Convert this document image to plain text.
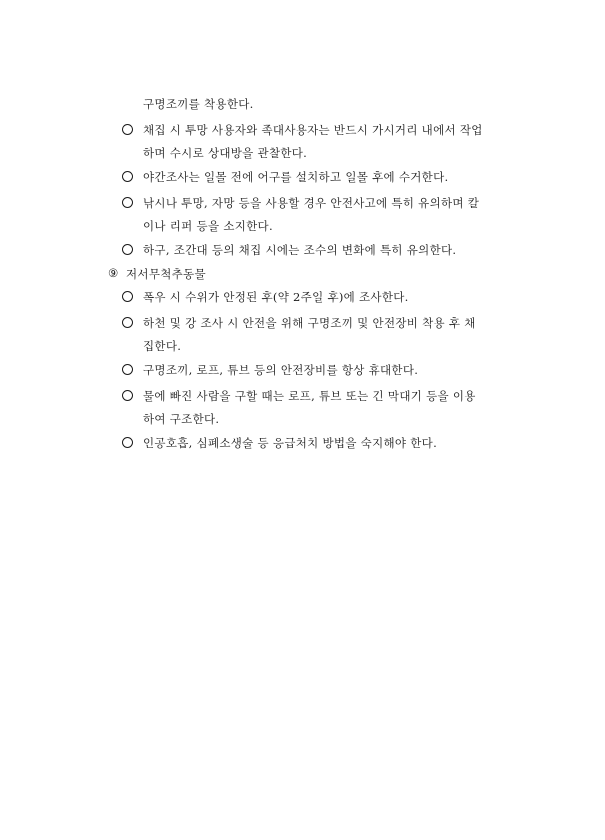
구명조끼를 착용한다.
채집 시 투망 사용자와 족대사용자는 반드시 가시거리 내에서 작업
하며 수시로 상대방을 관찰한다.
야간조사는 일몰 전에 어구를 설치하고 일몰 후에 수거한다.
낚시나 투망, 자망 등을 사용할 경우 안전사고에 특히 유의하며 칼
이나 리퍼 등을 소지한다.
하구, 조간대 등의 채집 시에는 조수의 변화에 특히 유의한다.
⑨ 저서무척추동물
폭우 시 수위가 안정된 후(약 2주일 후)에 조사한다.
하천 및 강 조사 시 안전을 위해 구명조끼 및 안전장비 착용 후 채
집한다.
구명조끼, 로프, 튜브 등의 안전장비를 항상 휴대한다.
물에 빠진 사람을 구할 때는 로프, 튜브 또는 긴 막대기 등을 이용
하여 구조한다.
인공호흡, 심폐소생술 등 응급처치 방법을 숙지해야 한다.
